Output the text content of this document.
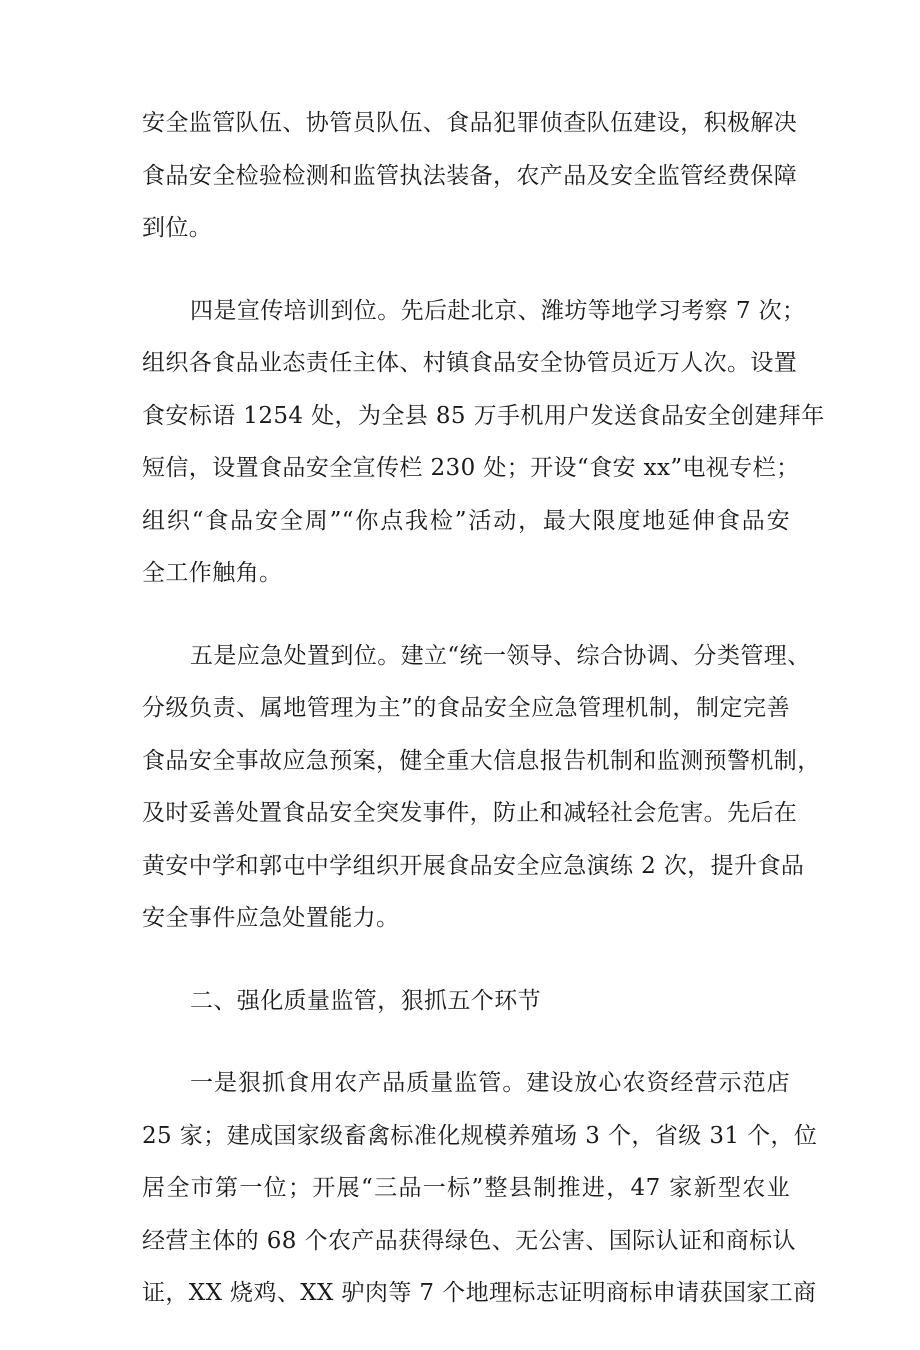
安全监管队伍、协管员队伍、食品犯罪侦查队伍建设，积极解决
食品安全检验检测和监管执法装备，农产品及安全监管经费保障
到位。

四是宣传培训到位。先后赴北京、潍坊等地学习考察 7 次；
组织各食品业态责任主体、村镇食品安全协管员近万人次。设置
食安标语 1254 处，为全县 85 万手机用户发送食品安全创建拜年
短信，设置食品安全宣传栏 230 处；开设“食安 xx”电视专栏；
组织“食品安全周”“你点我检”活动，最大限度地延伸食品安
全工作触角。

五是应急处置到位。建立“统一领导、综合协调、分类管理、
分级负责、属地管理为主”的食品安全应急管理机制，制定完善
食品安全事故应急预案，健全重大信息报告机制和监测预警机制，
及时妥善处置食品安全突发事件，防止和减轻社会危害。先后在
黄安中学和郭屯中学组织开展食品安全应急演练 2 次，提升食品
安全事件应急处置能力。

二、强化质量监管，狠抓五个环节

一是狠抓食用农产品质量监管。建设放心农资经营示范店
25 家；建成国家级畜禽标准化规模养殖场 3 个，省级 31 个，位
居全市第一位；开展“三品一标”整县制推进，47 家新型农业
经营主体的 68 个农产品获得绿色、无公害、国际认证和商标认
证，XX 烧鸡、XX 驴肉等 7 个地理标志证明商标申请获国家工商
